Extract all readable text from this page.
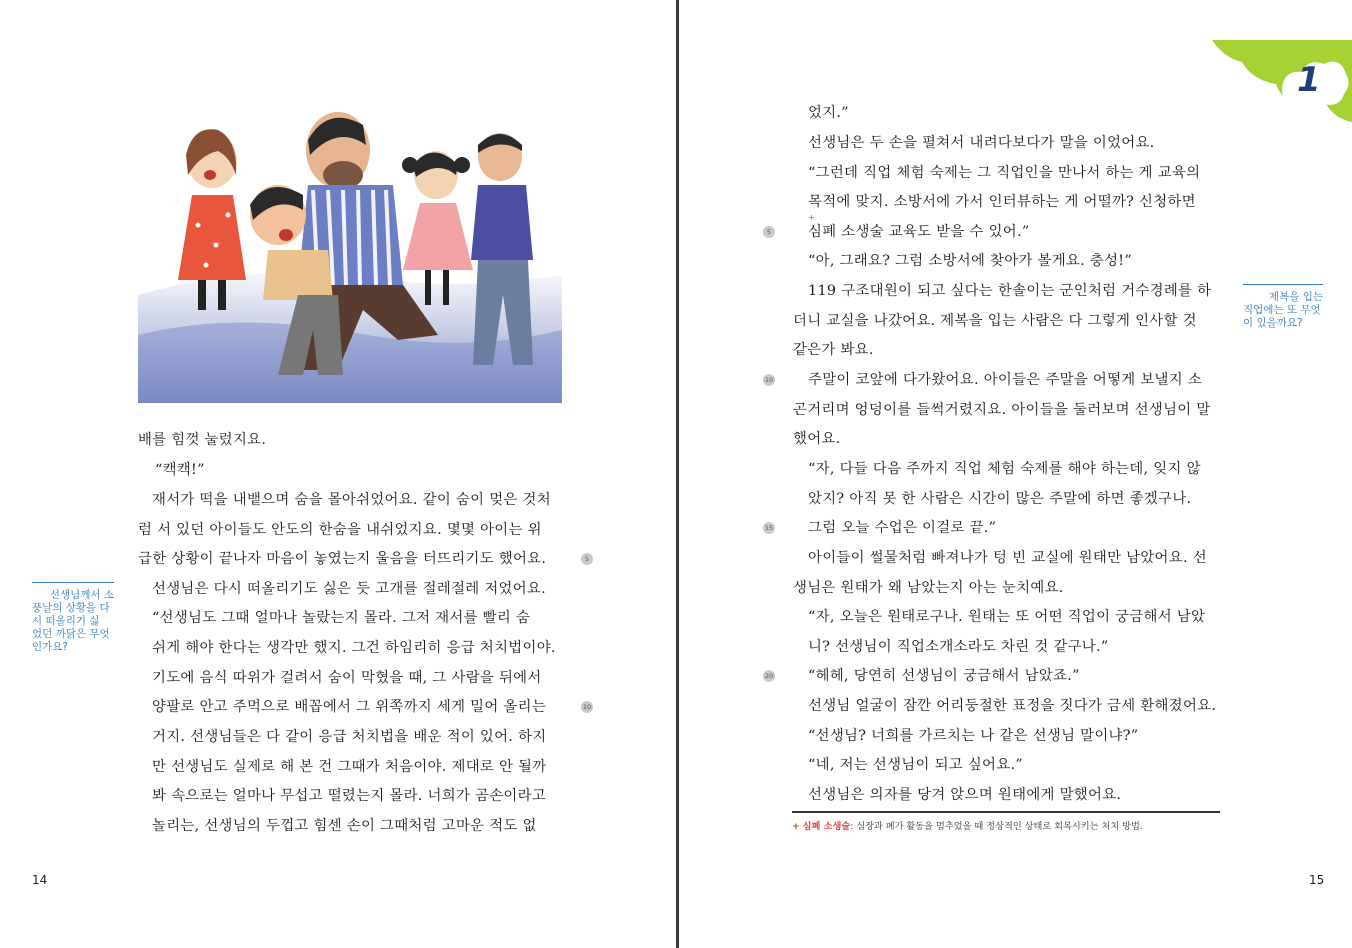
배를 힘껏 눌렀지요.
“캑캑!”
재서가 떡을 내뱉으며 숨을 몰아쉬었어요. 같이 숨이 멎은 것처
럼 서 있던 아이들도 안도의 한숨을 내쉬었지요. 몇몇 아이는 위
급한 상황이 끝나자 마음이 놓였는지 울음을 터뜨리기도 했어요.
선생님은 다시 떠올리기도 싫은 듯 고개를 절레절레 저었어요.
“선생님도 그때 얼마나 놀랐는지 몰라. 그저 재서를 빨리 숨
쉬게 해야 한다는 생각만 했지. 그건 하임리히 응급 처치법이야.
기도에 음식 따위가 걸려서 숨이 막혔을 때, 그 사람을 뒤에서
양팔로 안고 주먹으로 배꼽에서 그 위쪽까지 세게 밀어 올리는
거지. 선생님들은 다 같이 응급 처치법을 배운 적이 있어. 하지
만 선생님도 실제로 해 본 건 그때가 처음이야. 제대로 안 될까
봐 속으로는 얼마나 무섭고 떨렸는지 몰라. 너희가 곰손이라고
놀리는, 선생님의 두껍고 힘센 손이 그때처럼 고마운 적도 없
5
10
선생님께서 소
풍날의 상황을 다
시 떠올리기 싫
었던 까닭은 무엇
인가요?
14
1
었지.”
선생님은 두 손을 펼쳐서 내려다보다가 말을 이었어요.
“그런데 직업 체험 숙제는 그 직업인을 만나서 하는 게 교육의
목적에 맞지. 소방서에 가서 인터뷰하는 게 어떨까? 신청하면
+
심폐 소생술 교육도 받을 수 있어.”
“아, 그래요? 그럼 소방서에 찾아가 볼게요. 충성!”
119 구조대원이 되고 싶다는 한솔이는 군인처럼 거수경례를 하
더니 교실을 나갔어요. 제복을 입는 사람은 다 그렇게 인사할 것
같은가 봐요.
주말이 코앞에 다가왔어요. 아이들은 주말을 어떻게 보낼지 소
곤거리며 엉덩이를 들썩거렸지요. 아이들을 둘러보며 선생님이 말
했어요.
“자, 다들 다음 주까지 직업 체험 숙제를 해야 하는데, 잊지 않
았지? 아직 못 한 사람은 시간이 많은 주말에 하면 좋겠구나.
그럼 오늘 수업은 이걸로 끝.”
아이들이 썰물처럼 빠져나가 텅 빈 교실에 원태만 남았어요. 선
생님은 원태가 왜 남았는지 아는 눈치예요.
“자, 오늘은 원태로구나. 원태는 또 어떤 직업이 궁금해서 남았
니? 선생님이 직업소개소라도 차린 것 같구나.”
“헤헤, 당연히 선생님이 궁금해서 남았죠.”
선생님 얼굴이 잠깐 어리둥절한 표정을 짓다가 금세 환해졌어요.
“선생님? 너희를 가르치는 나 같은 선생님 말이냐?”
“네, 저는 선생님이 되고 싶어요.”
선생님은 의자를 당겨 앉으며 원태에게 말했어요.
5
10
15
20
제복을 입는
직업에는 또 무엇
이 있을까요?
+ 심폐 소생술: 심장과 폐가 활동을 멈추었을 때 정상적인 상태로 회복시키는 처치 방법.
15
